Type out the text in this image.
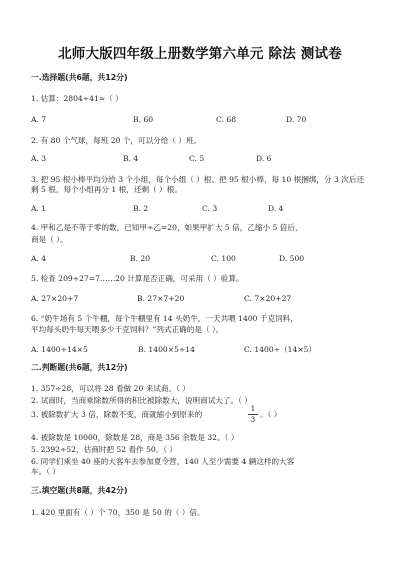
北师大版四年级上册数学第六单元 除法 测试卷
一.选择题(共6题，共12分)
1. 估算：2804÷41≈（ ）
A. 7	B. 60	C. 68	D. 70
2. 有 80 个气球，每班 20 个，可以分给（ ）班。
A. 3	B. 4	C. 5	D. 6
3. 把 95 根小棒平均分给 3 个小组，每个小组（ ）根。把 95 根小棒，每 10 根捆绑，分 3 次后还
剩 5 根，每个小组再分 1 根，还剩（ ）根。
A. 1	B. 2	C. 3	D. 4
4. 甲和乙是不等于零的数，已知甲÷乙=20，如果甲扩大 5 倍，乙缩小 5 倍后，
商是（ ）。
A. 4	B. 20	C. 100	D. 500
5. 检查 209÷27=7……20 计算是否正确，可采用（ ）验算。
A. 27×20+7	B. 27×7+20	C. 7×20+27
6. “奶牛场有 5 个牛棚，每个牛棚里有 14 头奶牛，一天共喂 1400 千克饲料，
平均每头奶牛每天喂多少千克饲料？”列式正确的是（ ）。
A. 1400÷14×5	B. 1400×5÷14	C. 1400÷（14×5）
二.判断题(共6题，共12分)
1. 357÷28，可以将 28 看做 20 来试商。（ ）
2. 试商时，当商乘除数所得的积比被除数大，说明商试大了。（ ）
3. 被除数扩大 3 倍，除数不变，商就缩小到原来的
1
3
。（ ）
4. 被除数是 10000，除数是 28，商是 356 余数是 32。（ ）
5. 2392÷52，估商时把 52 看作 50。（ ）
6. 同学们乘坐 40 座的大客车去参加夏令营，140 人至少需要 4 辆这样的大客
车。（ ）
三.填空题(共8题，共42分)
1. 420 里面有（ ）个 70，350 是 50 的（ ）倍。
